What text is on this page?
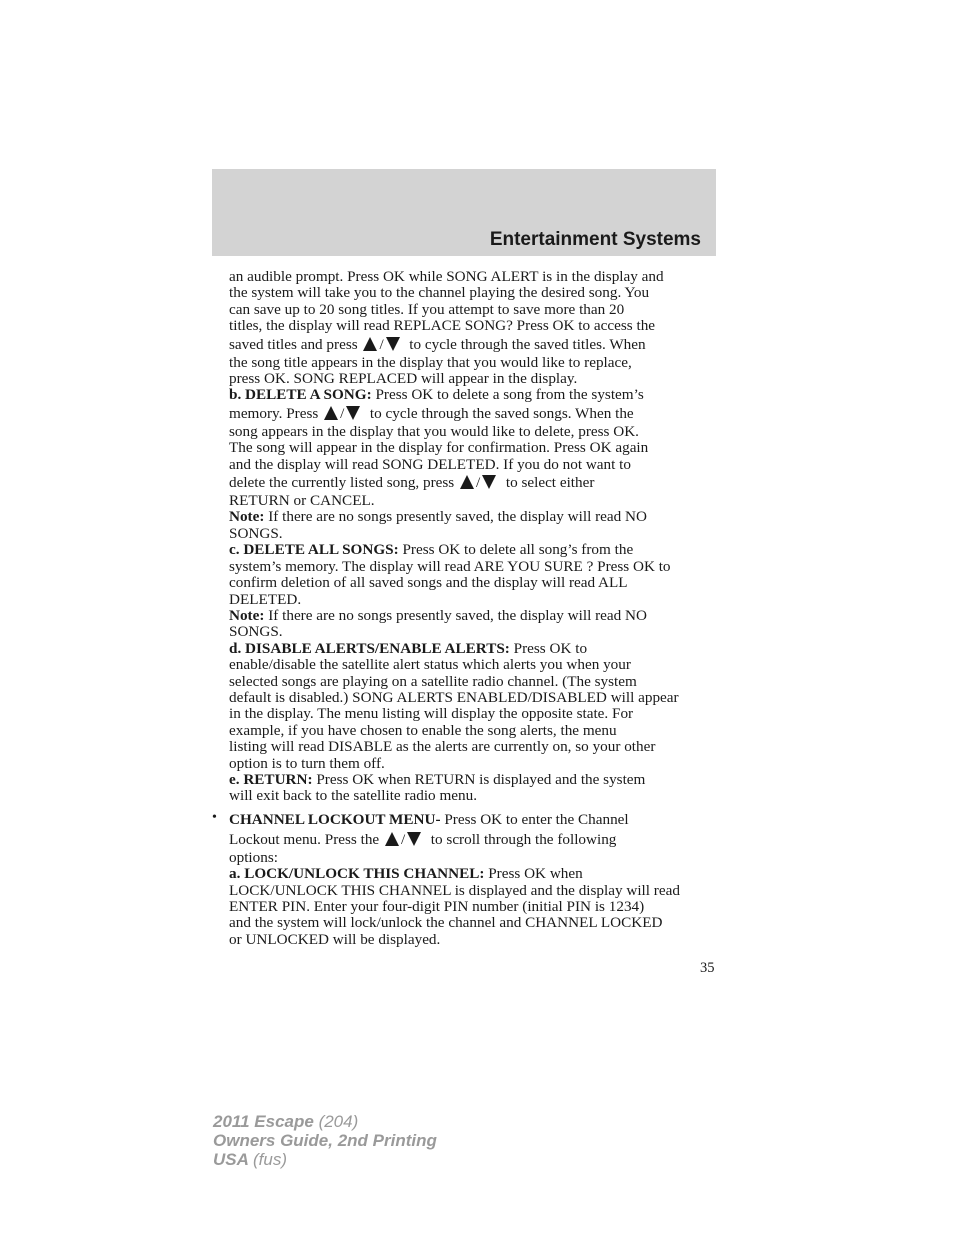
Entertainment Systems

an audible prompt. Press OK while SONG ALERT is in the display and
the system will take you to the channel playing the desired song. You
can save up to 20 song titles. If you attempt to save more than 20
titles, the display will read REPLACE SONG? Press OK to access the
saved titles and press / to cycle through the saved titles. When
the song title appears in the display that you would like to replace,
press OK. SONG REPLACED will appear in the display.

b. DELETE A SONG: Press OK to delete a song from the system’s
memory. Press / to cycle through the saved songs. When the
song appears in the display that you would like to delete, press OK.
The song will appear in the display for confirmation. Press OK again
and the display will read SONG DELETED. If you do not want to
delete the currently listed song, press / to select either
RETURN or CANCEL.

Note: If there are no songs presently saved, the display will read NO
SONGS.

c. DELETE ALL SONGS: Press OK to delete all song’s from the
system’s memory. The display will read ARE YOU SURE ? Press OK to
confirm deletion of all saved songs and the display will read ALL
DELETED.

Note: If there are no songs presently saved, the display will read NO
SONGS.

d. DISABLE ALERTS/ENABLE ALERTS: Press OK to
enable/disable the satellite alert status which alerts you when your
selected songs are playing on a satellite radio channel. (The system
default is disabled.) SONG ALERTS ENABLED/DISABLED will appear
in the display. The menu listing will display the opposite state. For
example, if you have chosen to enable the song alerts, the menu
listing will read DISABLE as the alerts are currently on, so your other
option is to turn them off.

e. RETURN: Press OK when RETURN is displayed and the system
will exit back to the satellite radio menu.

• CHANNEL LOCKOUT MENU- Press OK to enter the Channel
Lockout menu. Press the / to scroll through the following
options:

a. LOCK/UNLOCK THIS CHANNEL: Press OK when
LOCK/UNLOCK THIS CHANNEL is displayed and the display will read
ENTER PIN. Enter your four-digit PIN number (initial PIN is 1234)
and the system will lock/unlock the channel and CHANNEL LOCKED
or UNLOCKED will be displayed.

35
2011 Escape (204)
Owners Guide, 2nd Printing
USA (fus)
